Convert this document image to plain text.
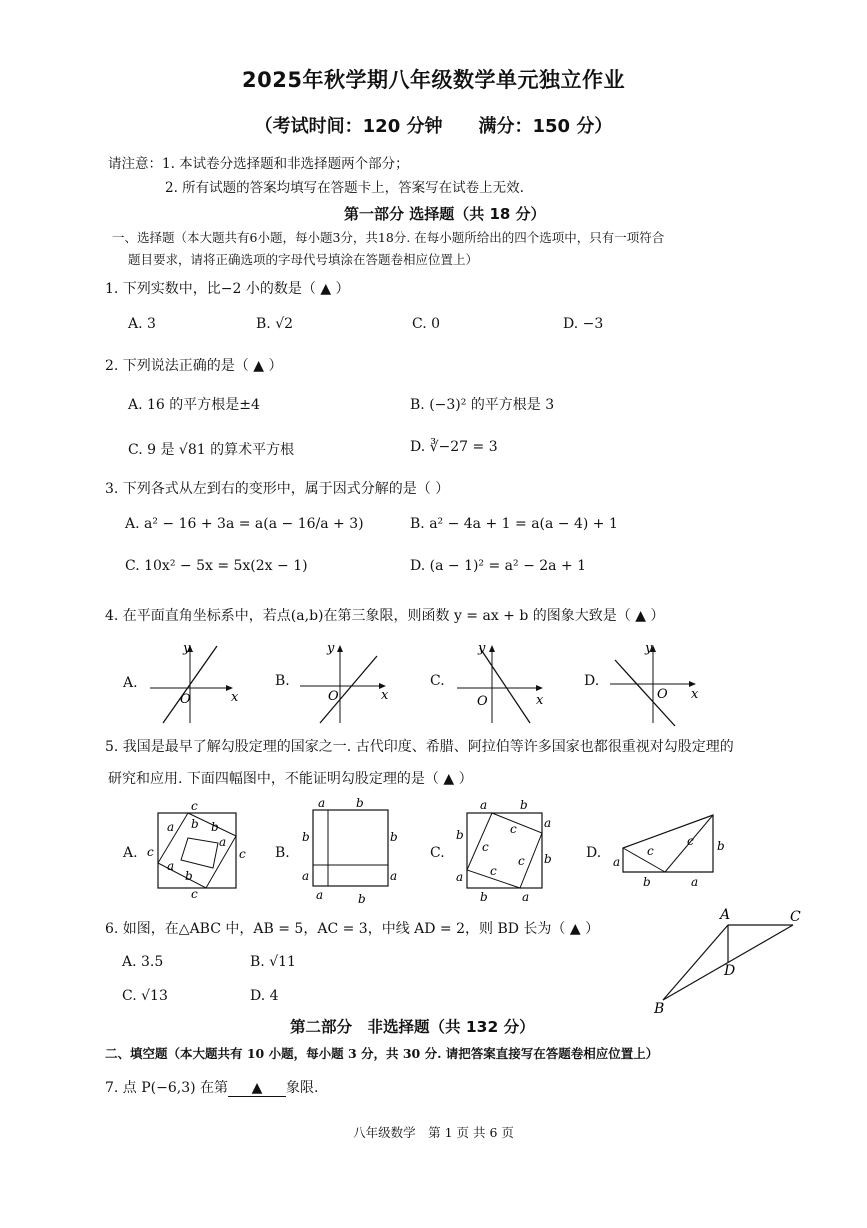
2025年秋学期八年级数学单元独立作业
（考试时间：120 分钟　　满分：150 分）
请注意：1. 本试卷分选择题和非选择题两个部分；
2. 所有试题的答案均填写在答题卡上，答案写在试卷上无效.
第一部分 选择题（共 18 分）
一、选择题（本大题共有6小题，每小题3分，共18分. 在每小题所给出的四个选项中，只有一项符合
题目要求，请将正确选项的字母代号填涂在答题卷相应位置上）
1. 下列实数中，比−2 小的数是（ ▲ ）
A. 3	B. √2	C. 0	D. −3
2. 下列说法正确的是（ ▲ ）
A. 16 的平方根是±4	B. (−3)² 的平方根是 3
C. 9 是 √81 的算术平方根	D. ∛−27 = 3
3. 下列各式从左到右的变形中，属于因式分解的是（ ）
A. a² − 16 + 3a = a(a − 16/a + 3)	B. a² − 4a + 1 = a(a − 4) + 1
C. 10x² − 5x = 5x(2x − 1)	D. (a − 1)² = a² − 2a + 1
4. 在平面直角坐标系中，若点(a,b)在第三象限，则函数 y = ax + b 的图象大致是（ ▲ ）
A.
y
x
O
B.
y
x
O
C.
y
x
O
D.
y
x
O
5. 我国是最早了解勾股定理的国家之一. 古代印度、希腊、阿拉伯等许多国家也都很重视对勾股定理的
研究和应用. 下面四幅图中，不能证明勾股定理的是（ ▲ ）
A.
c
a b b
a
c
c
a
b
c
B.
a	b
b	b
a	a
a	b
C.
a	b
b
a
b
a
c
c
c
c
b	a
D.
a
c
c b
b	a
6. 如图，在△ABC 中，AB = 5，AC = 3，中线 AD = 2，则 BD 长为（ ▲ ）
A. 3.5	B. √11
C. √13	D. 4
A	C
D
B
第二部分　非选择题（共 132 分）
二、填空题（本大题共有 10 小题，每小题 3 分，共 30 分. 请把答案直接写在答题卷相应位置上）
7. 点 P(−6,3) 在第 ▲ 象限.
八年级数学　第 1 页 共 6 页
